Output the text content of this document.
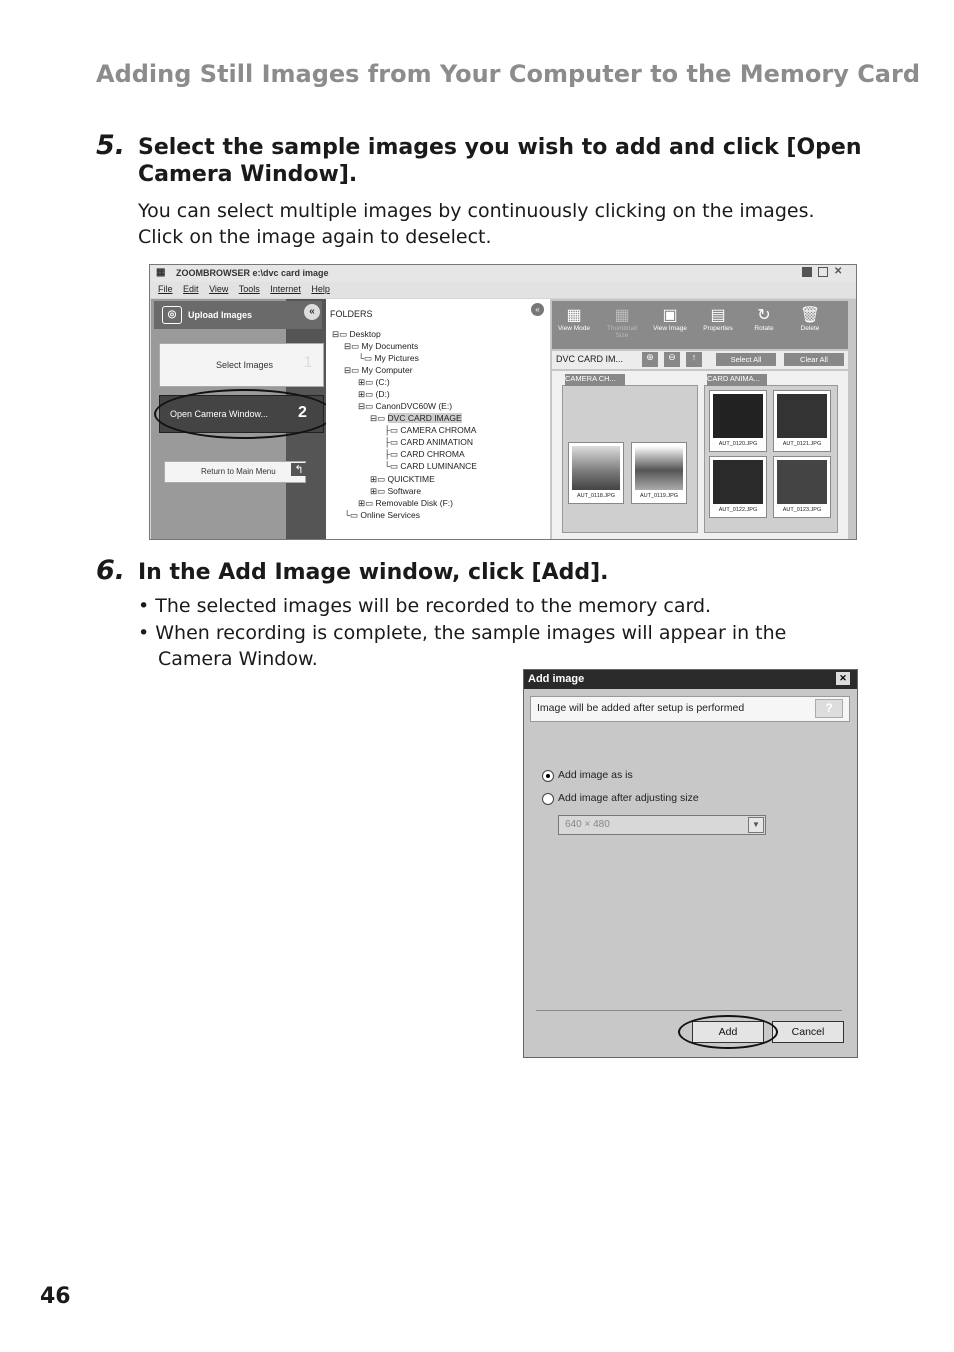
Adding Still Images from Your Computer to the Memory Card
5. Select the sample images you wish to add and click [Open
Camera Window].
You can select multiple images by continuously clicking on the images.
Click on the image again to deselect.
▦ ZOOMBROWSER e:\dvc card image	✕
File Edit View Tools Internet Help
◎	Upload Images	«
Select Images	1
Open Camera Window... 2
Return to Main Menu	↰
FOLDERS	«
⊟▭ Desktop
⊟▭ My Documents
└▭ My Pictures
⊟▭ My Computer
⊞▭ (C:)
⊞▭ (D:)
⊟▭ CanonDVC60W (E:)
⊟▭ DVC CARD IMAGE
├▭ CAMERA CHROMA
├▭ CARD ANIMATION
├▭ CARD CHROMA
└▭ CARD LUMINANCE
⊞▭ QUICKTIME
⊞▭ Software
⊞▭ Removable Disk (F:)
└▭ Online Services
▦
View Mode
▦
Thumbnail Size
▣
View Image
▤
Properties
↻
Rotate
🗑
Delete
DVC CARD IM...	⊕	⊖	↑	Select All	Clear All
CAMERA CH...
AUT_0118.JPG	AUT_0119.JPG
CARD ANIMA...
AUT_0120.JPG	AUT_0121.JPG
AUT_0122.JPG	AUT_0123.JPG
6. In the Add Image window, click [Add].
• The selected images will be recorded to the memory card.
• When recording is complete, the sample images will appear in the
Camera Window.
Add image	✕
Image will be added after setup is performed	?
Add image as is
Add image after adjusting size
640 × 480	▼
Add	Cancel
46
